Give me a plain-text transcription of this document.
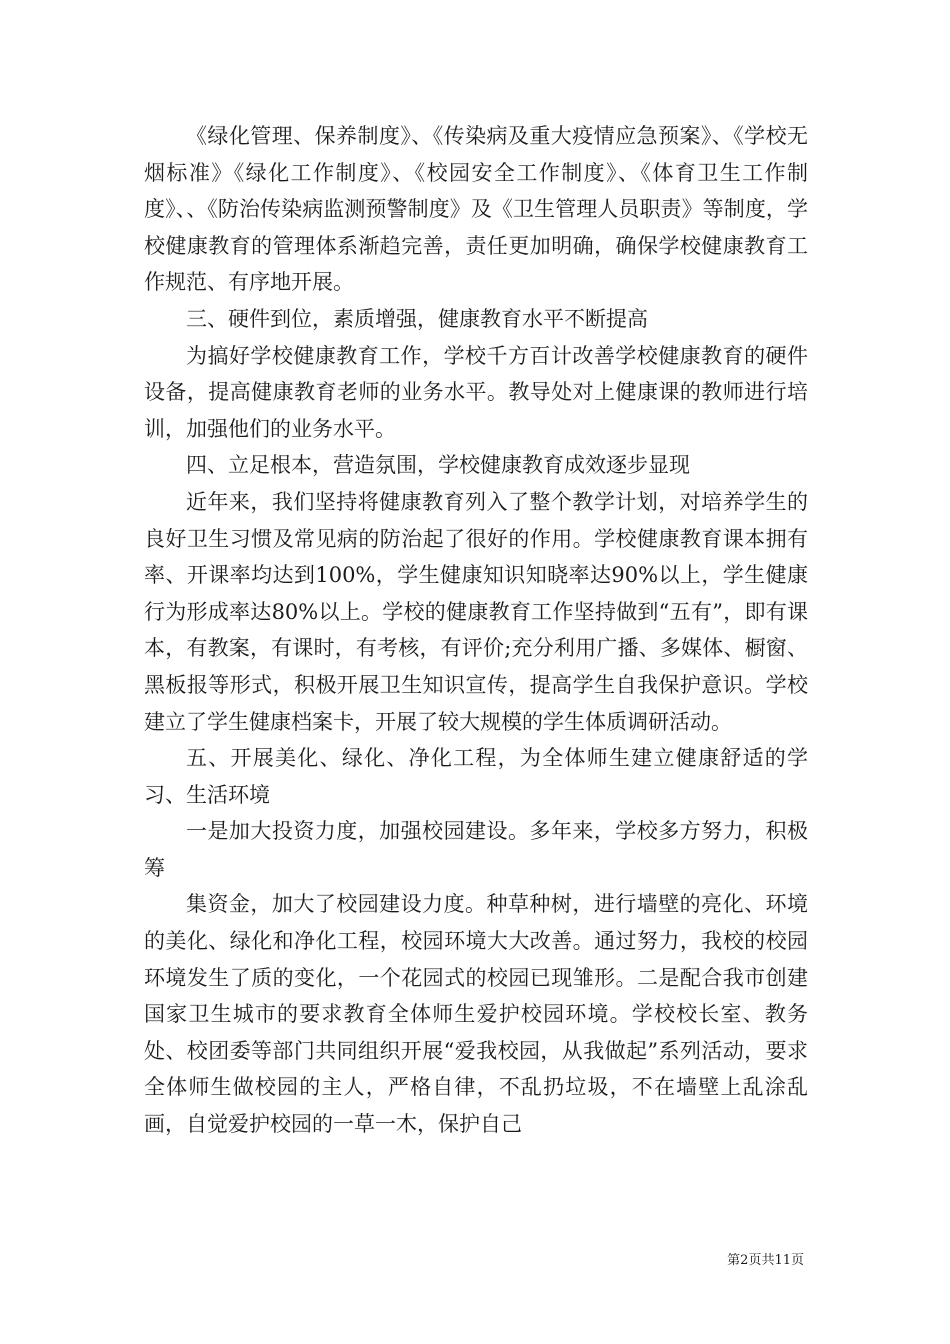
《绿化管理、保养制度》、《传染病及重大疫情应急预案》、《学校无烟标准》《绿化工作制度》、《校园安全工作制度》、《体育卫生工作制度》、、《防治传染病监测预警制度》及《卫生管理人员职责》等制度，学校健康教育的管理体系渐趋完善，责任更加明确，确保学校健康教育工作规范、有序地开展。

三、硬件到位，素质增强，健康教育水平不断提高

为搞好学校健康教育工作，学校千方百计改善学校健康教育的硬件设备，提高健康教育老师的业务水平。教导处对上健康课的教师进行培训，加强他们的业务水平。

四、立足根本，营造氛围，学校健康教育成效逐步显现

近年来，我们坚持将健康教育列入了整个教学计划，对培养学生的良好卫生习惯及常见病的防治起了很好的作用。学校健康教育课本拥有率、开课率均达到100%，学生健康知识知晓率达90%以上，学生健康行为形成率达80%以上。学校的健康教育工作坚持做到“五有”，即有课本，有教案，有课时，有考核，有评价;充分利用广播、多媒体、橱窗、黑板报等形式，积极开展卫生知识宣传，提高学生自我保护意识。学校建立了学生健康档案卡，开展了较大规模的学生体质调研活动。

五、开展美化、绿化、净化工程，为全体师生建立健康舒适的学习、生活环境

一是加大投资力度，加强校园建设。多年来，学校多方努力，积极筹

集资金，加大了校园建设力度。种草种树，进行墙壁的亮化、环境的美化、绿化和净化工程，校园环境大大改善。通过努力，我校的校园环境发生了质的变化，一个花园式的校园已现雏形。二是配合我市创建国家卫生城市的要求教育全体师生爱护校园环境。学校校长室、教务处、校团委等部门共同组织开展“爱我校园，从我做起”系列活动，要求全体师生做校园的主人，严格自律，不乱扔垃圾，不在墙壁上乱涂乱画，自觉爱护校园的一草一木，保护自己

第2页共11页
